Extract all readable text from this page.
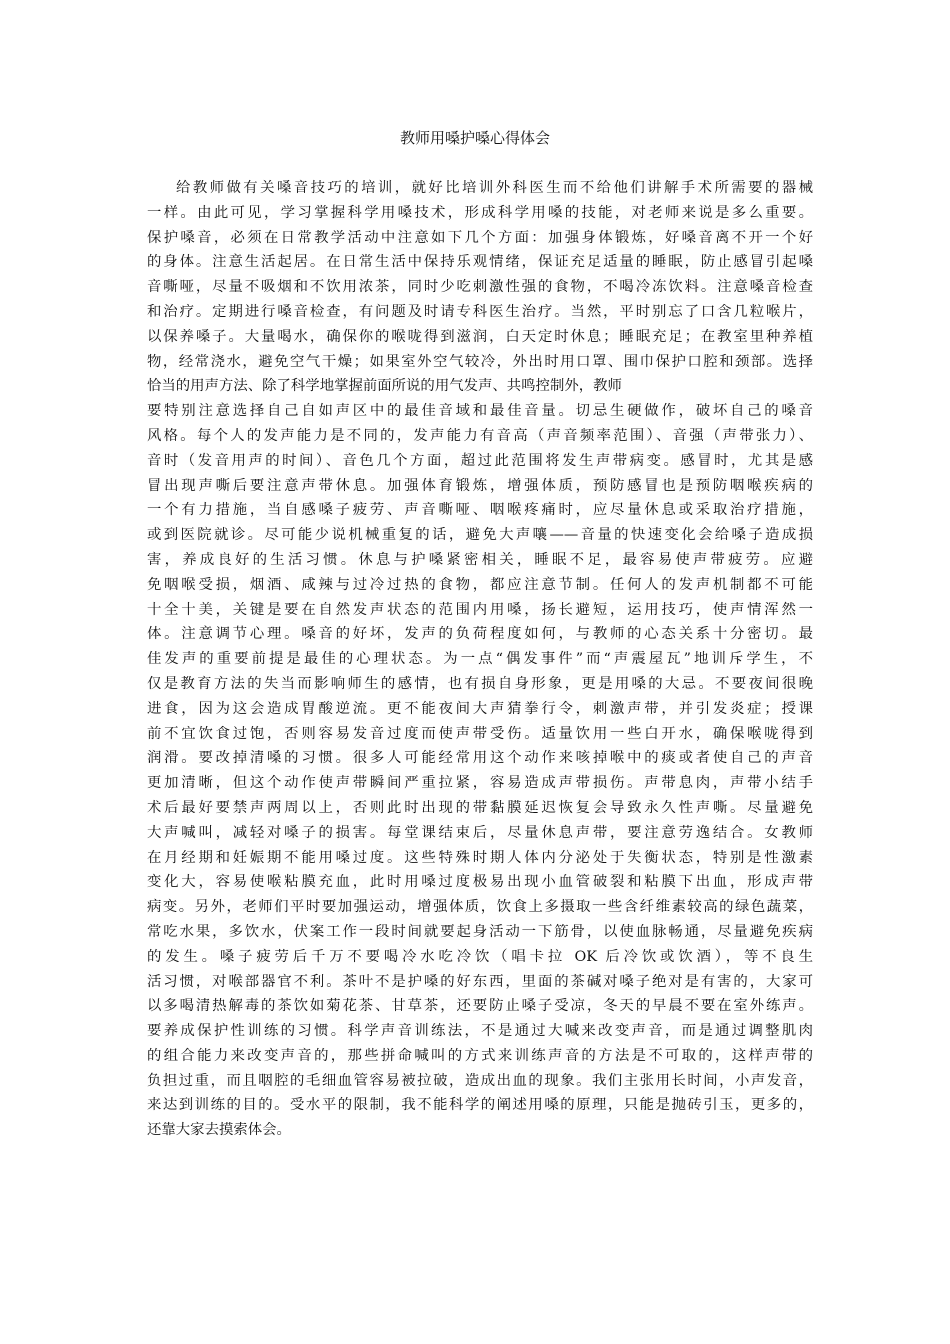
教师用嗓护嗓心得体会
给教师做有关嗓音技巧的培训，就好比培训外科医生而不给他们讲解手术所需要的器械
一样。由此可见，学习掌握科学用嗓技术，形成科学用嗓的技能，对老师来说是多么重要。
保护嗓音，必须在日常教学活动中注意如下几个方面：加强身体锻炼，好嗓音离不开一个好
的身体。注意生活起居。在日常生活中保持乐观情绪，保证充足适量的睡眠，防止感冒引起嗓
音嘶哑，尽量不吸烟和不饮用浓茶，同时少吃刺激性强的食物，不喝冷冻饮料。注意嗓音检查
和治疗。定期进行嗓音检查，有问题及时请专科医生治疗。当然，平时别忘了口含几粒喉片，
以保养嗓子。大量喝水，确保你的喉咙得到滋润，白天定时休息；睡眠充足；在教室里种养植
物，经常浇水，避免空气干燥；如果室外空气较冷，外出时用口罩、围巾保护口腔和颈部。选择
恰当的用声方法、除了科学地掌握前面所说的用气发声、共鸣控制外，教师
要特别注意选择自己自如声区中的最佳音域和最佳音量。切忌生硬做作，破坏自己的嗓音
风格。每个人的发声能力是不同的，发声能力有音高（声音频率范围）、音强（声带张力）、
音时（发音用声的时间）、音色几个方面，超过此范围将发生声带病变。感冒时，尤其是感
冒出现声嘶后要注意声带休息。加强体育锻炼，增强体质，预防感冒也是预防咽喉疾病的
一个有力措施，当自感嗓子疲劳、声音嘶哑、咽喉疼痛时，应尽量休息或采取治疗措施，
或到医院就诊。尽可能少说机械重复的话，避免大声嚷——音量的快速变化会给嗓子造成损
害，养成良好的生活习惯。休息与护嗓紧密相关，睡眠不足，最容易使声带疲劳。应避
免咽喉受损，烟酒、咸辣与过冷过热的食物，都应注意节制。任何人的发声机制都不可能
十全十美，关键是要在自然发声状态的范围内用嗓，扬长避短，运用技巧，使声情浑然一
体。注意调节心理。嗓音的好坏，发声的负荷程度如何，与教师的心态关系十分密切。最
佳发声的重要前提是最佳的心理状态。为一点“偶发事件”而“声震屋瓦”地训斥学生，不
仅是教育方法的失当而影响师生的感情，也有损自身形象，更是用嗓的大忌。不要夜间很晚
进食，因为这会造成胃酸逆流。更不能夜间大声猜拳行令，刺激声带，并引发炎症；授课
前不宜饮食过饱，否则容易发音过度而使声带受伤。适量饮用一些白开水，确保喉咙得到
润滑。要改掉清嗓的习惯。很多人可能经常用这个动作来咳掉喉中的痰或者使自己的声音
更加清晰，但这个动作使声带瞬间严重拉紧，容易造成声带损伤。声带息肉，声带小结手
术后最好要禁声两周以上，否则此时出现的带黏膜延迟恢复会导致永久性声嘶。尽量避免
大声喊叫，减轻对嗓子的损害。每堂课结束后，尽量休息声带，要注意劳逸结合。女教师
在月经期和妊娠期不能用嗓过度。这些特殊时期人体内分泌处于失衡状态，特别是性激素
变化大，容易使喉粘膜充血，此时用嗓过度极易出现小血管破裂和粘膜下出血，形成声带
病变。另外，老师们平时要加强运动，增强体质，饮食上多摄取一些含纤维素较高的绿色蔬菜，
常吃水果，多饮水，伏案工作一段时间就要起身活动一下筋骨，以使血脉畅通，尽量避免疾病
的发生。嗓子疲劳后千万不要喝冷水吃冷饮（唱卡拉 OK 后冷饮或饮酒），等不良生
活习惯，对喉部器官不利。茶叶不是护嗓的好东西，里面的茶碱对嗓子绝对是有害的，大家可
以多喝清热解毒的茶饮如菊花茶、甘草茶，还要防止嗓子受凉，冬天的早晨不要在室外练声。
要养成保护性训练的习惯。科学声音训练法，不是通过大喊来改变声音，而是通过调整肌肉
的组合能力来改变声音的，那些拼命喊叫的方式来训练声音的方法是不可取的，这样声带的
负担过重，而且咽腔的毛细血管容易被拉破，造成出血的现象。我们主张用长时间，小声发音，
来达到训练的目的。受水平的限制，我不能科学的阐述用嗓的原理，只能是抛砖引玉，更多的，
还靠大家去摸索体会。
